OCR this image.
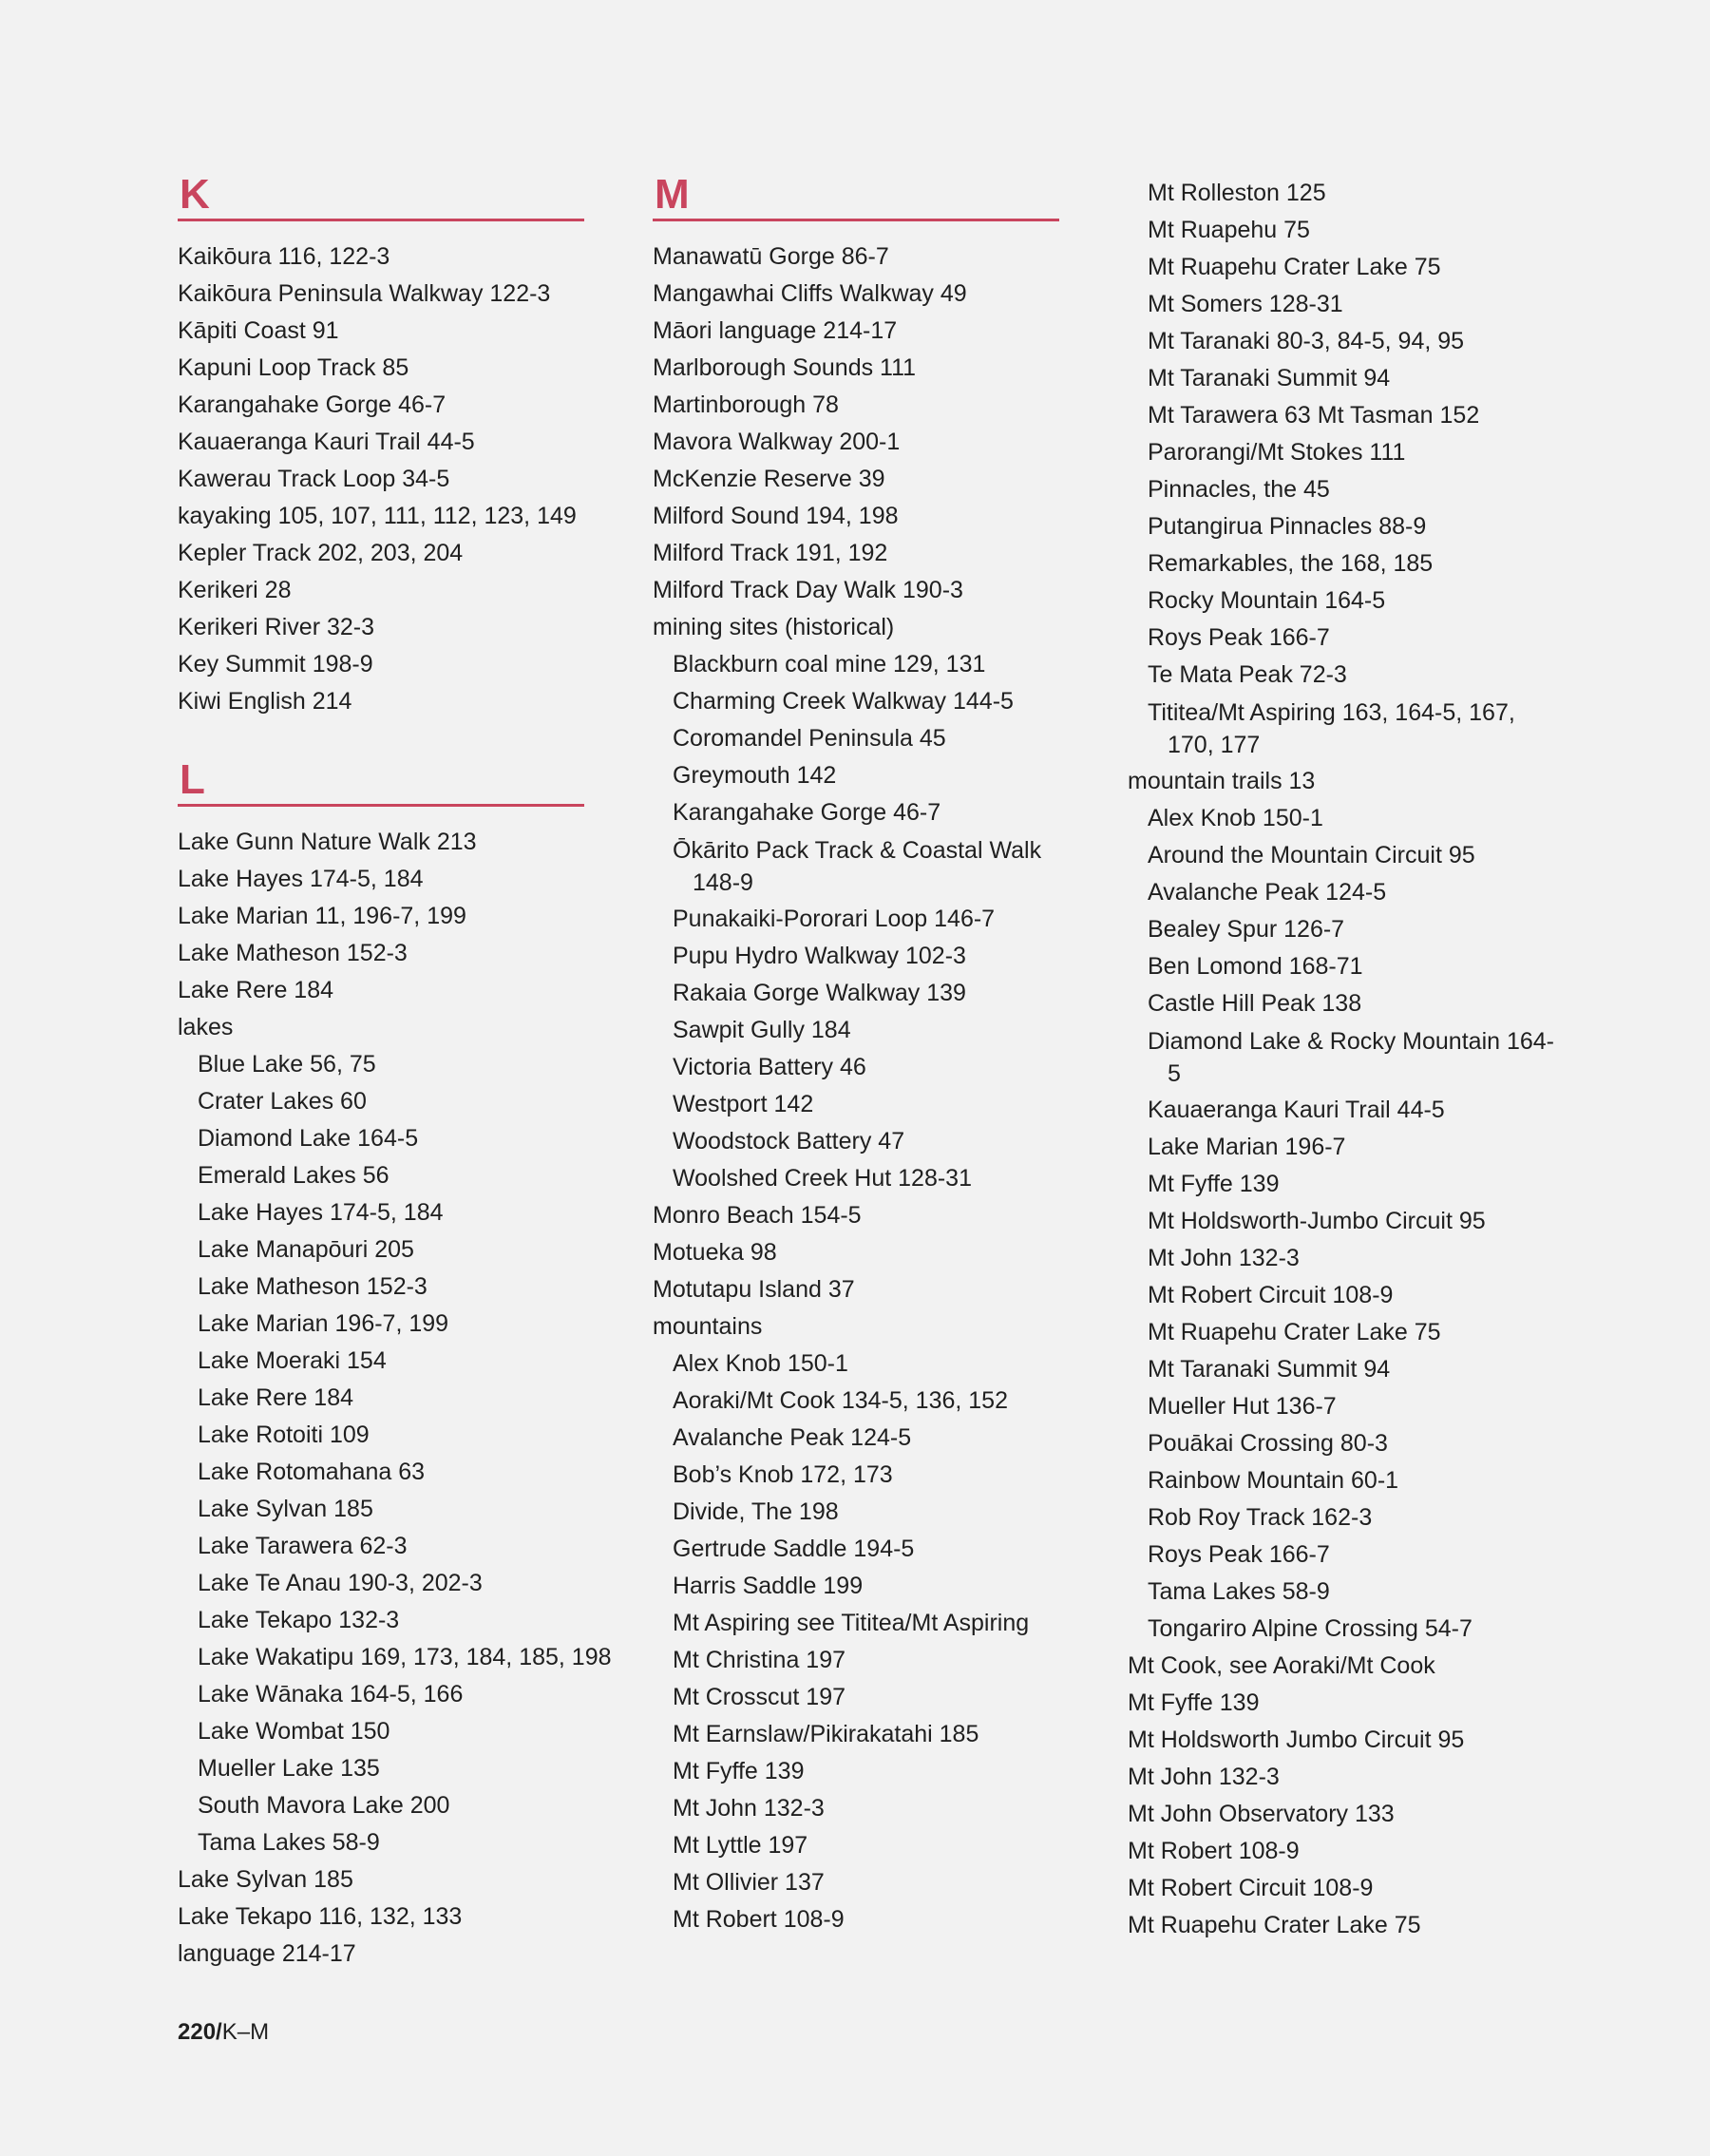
K
Kaikōura 116, 122-3
Kaikōura Peninsula Walkway 122-3
Kāpiti Coast 91
Kapuni Loop Track 85
Karangahake Gorge 46-7
Kauaeranga Kauri Trail 44-5
Kawerau Track Loop 34-5
kayaking 105, 107, 111, 112, 123, 149
Kepler Track 202, 203, 204
Kerikeri 28
Kerikeri River 32-3
Key Summit 198-9
Kiwi English 214
L
Lake Gunn Nature Walk 213
Lake Hayes 174-5, 184
Lake Marian 11, 196-7, 199
Lake Matheson 152-3
Lake Rere 184
lakes
Blue Lake 56, 75
Crater Lakes 60
Diamond Lake 164-5
Emerald Lakes 56
Lake Hayes 174-5, 184
Lake Manapōuri 205
Lake Matheson 152-3
Lake Marian 196-7, 199
Lake Moeraki 154
Lake Rere 184
Lake Rotoiti 109
Lake Rotomahana 63
Lake Sylvan 185
Lake Tarawera 62-3
Lake Te Anau 190-3, 202-3
Lake Tekapo 132-3
Lake Wakatipu 169, 173, 184, 185, 198
Lake Wānaka 164-5, 166
Lake Wombat 150
Mueller Lake 135
South Mavora Lake 200
Tama Lakes 58-9
Lake Sylvan 185
Lake Tekapo 116, 132, 133
language 214-17
M
Manawatū Gorge 86-7
Mangawhai Cliffs Walkway 49
Māori language 214-17
Marlborough Sounds 111
Martinborough 78
Mavora Walkway 200-1
McKenzie Reserve 39
Milford Sound 194, 198
Milford Track 191, 192
Milford Track Day Walk 190-3
mining sites (historical)
Blackburn coal mine 129, 131
Charming Creek Walkway 144-5
Coromandel Peninsula 45
Greymouth 142
Karangahake Gorge 46-7
Ōkārito Pack Track & Coastal Walk 148-9
Punakaiki-Pororari Loop 146-7
Pupu Hydro Walkway 102-3
Rakaia Gorge Walkway 139
Sawpit Gully 184
Victoria Battery 46
Westport 142
Woodstock Battery 47
Woolshed Creek Hut 128-31
Monro Beach 154-5
Motueka 98
Motutapu Island 37
mountains
Alex Knob 150-1
Aoraki/Mt Cook 134-5, 136, 152
Avalanche Peak 124-5
Bob’s Knob 172, 173
Divide, The 198
Gertrude Saddle 194-5
Harris Saddle 199
Mt Aspiring see Tititea/Mt Aspiring
Mt Christina 197
Mt Crosscut 197
Mt Earnslaw/Pikirakatahi 185
Mt Fyffe 139
Mt John 132-3
Mt Lyttle 197
Mt Ollivier 137
Mt Robert 108-9
Mt Rolleston 125
Mt Ruapehu 75
Mt Ruapehu Crater Lake 75
Mt Somers 128-31
Mt Taranaki 80-3, 84-5, 94, 95
Mt Taranaki Summit 94
Mt Tarawera 63 Mt Tasman 152
Parorangi/Mt Stokes 111
Pinnacles, the 45
Putangirua Pinnacles 88-9
Remarkables, the 168, 185
Rocky Mountain 164-5
Roys Peak 166-7
Te Mata Peak 72-3
Tititea/Mt Aspiring 163, 164-5, 167, 170, 177
mountain trails 13
Alex Knob 150-1
Around the Mountain Circuit 95
Avalanche Peak 124-5
Bealey Spur 126-7
Ben Lomond 168-71
Castle Hill Peak 138
Diamond Lake & Rocky Mountain 164-5
Kauaeranga Kauri Trail 44-5
Lake Marian 196-7
Mt Fyffe 139
Mt Holdsworth-Jumbo Circuit 95
Mt John 132-3
Mt Robert Circuit 108-9
Mt Ruapehu Crater Lake 75
Mt Taranaki Summit 94
Mueller Hut 136-7
Pouākai Crossing 80-3
Rainbow Mountain 60-1
Rob Roy Track 162-3
Roys Peak 166-7
Tama Lakes 58-9
Tongariro Alpine Crossing 54-7
Mt Cook, see Aoraki/Mt Cook
Mt Fyffe 139
Mt Holdsworth Jumbo Circuit 95
Mt John 132-3
Mt John Observatory 133
Mt Robert 108-9
Mt Robert Circuit 108-9
Mt Ruapehu Crater Lake 75
220/K–M
